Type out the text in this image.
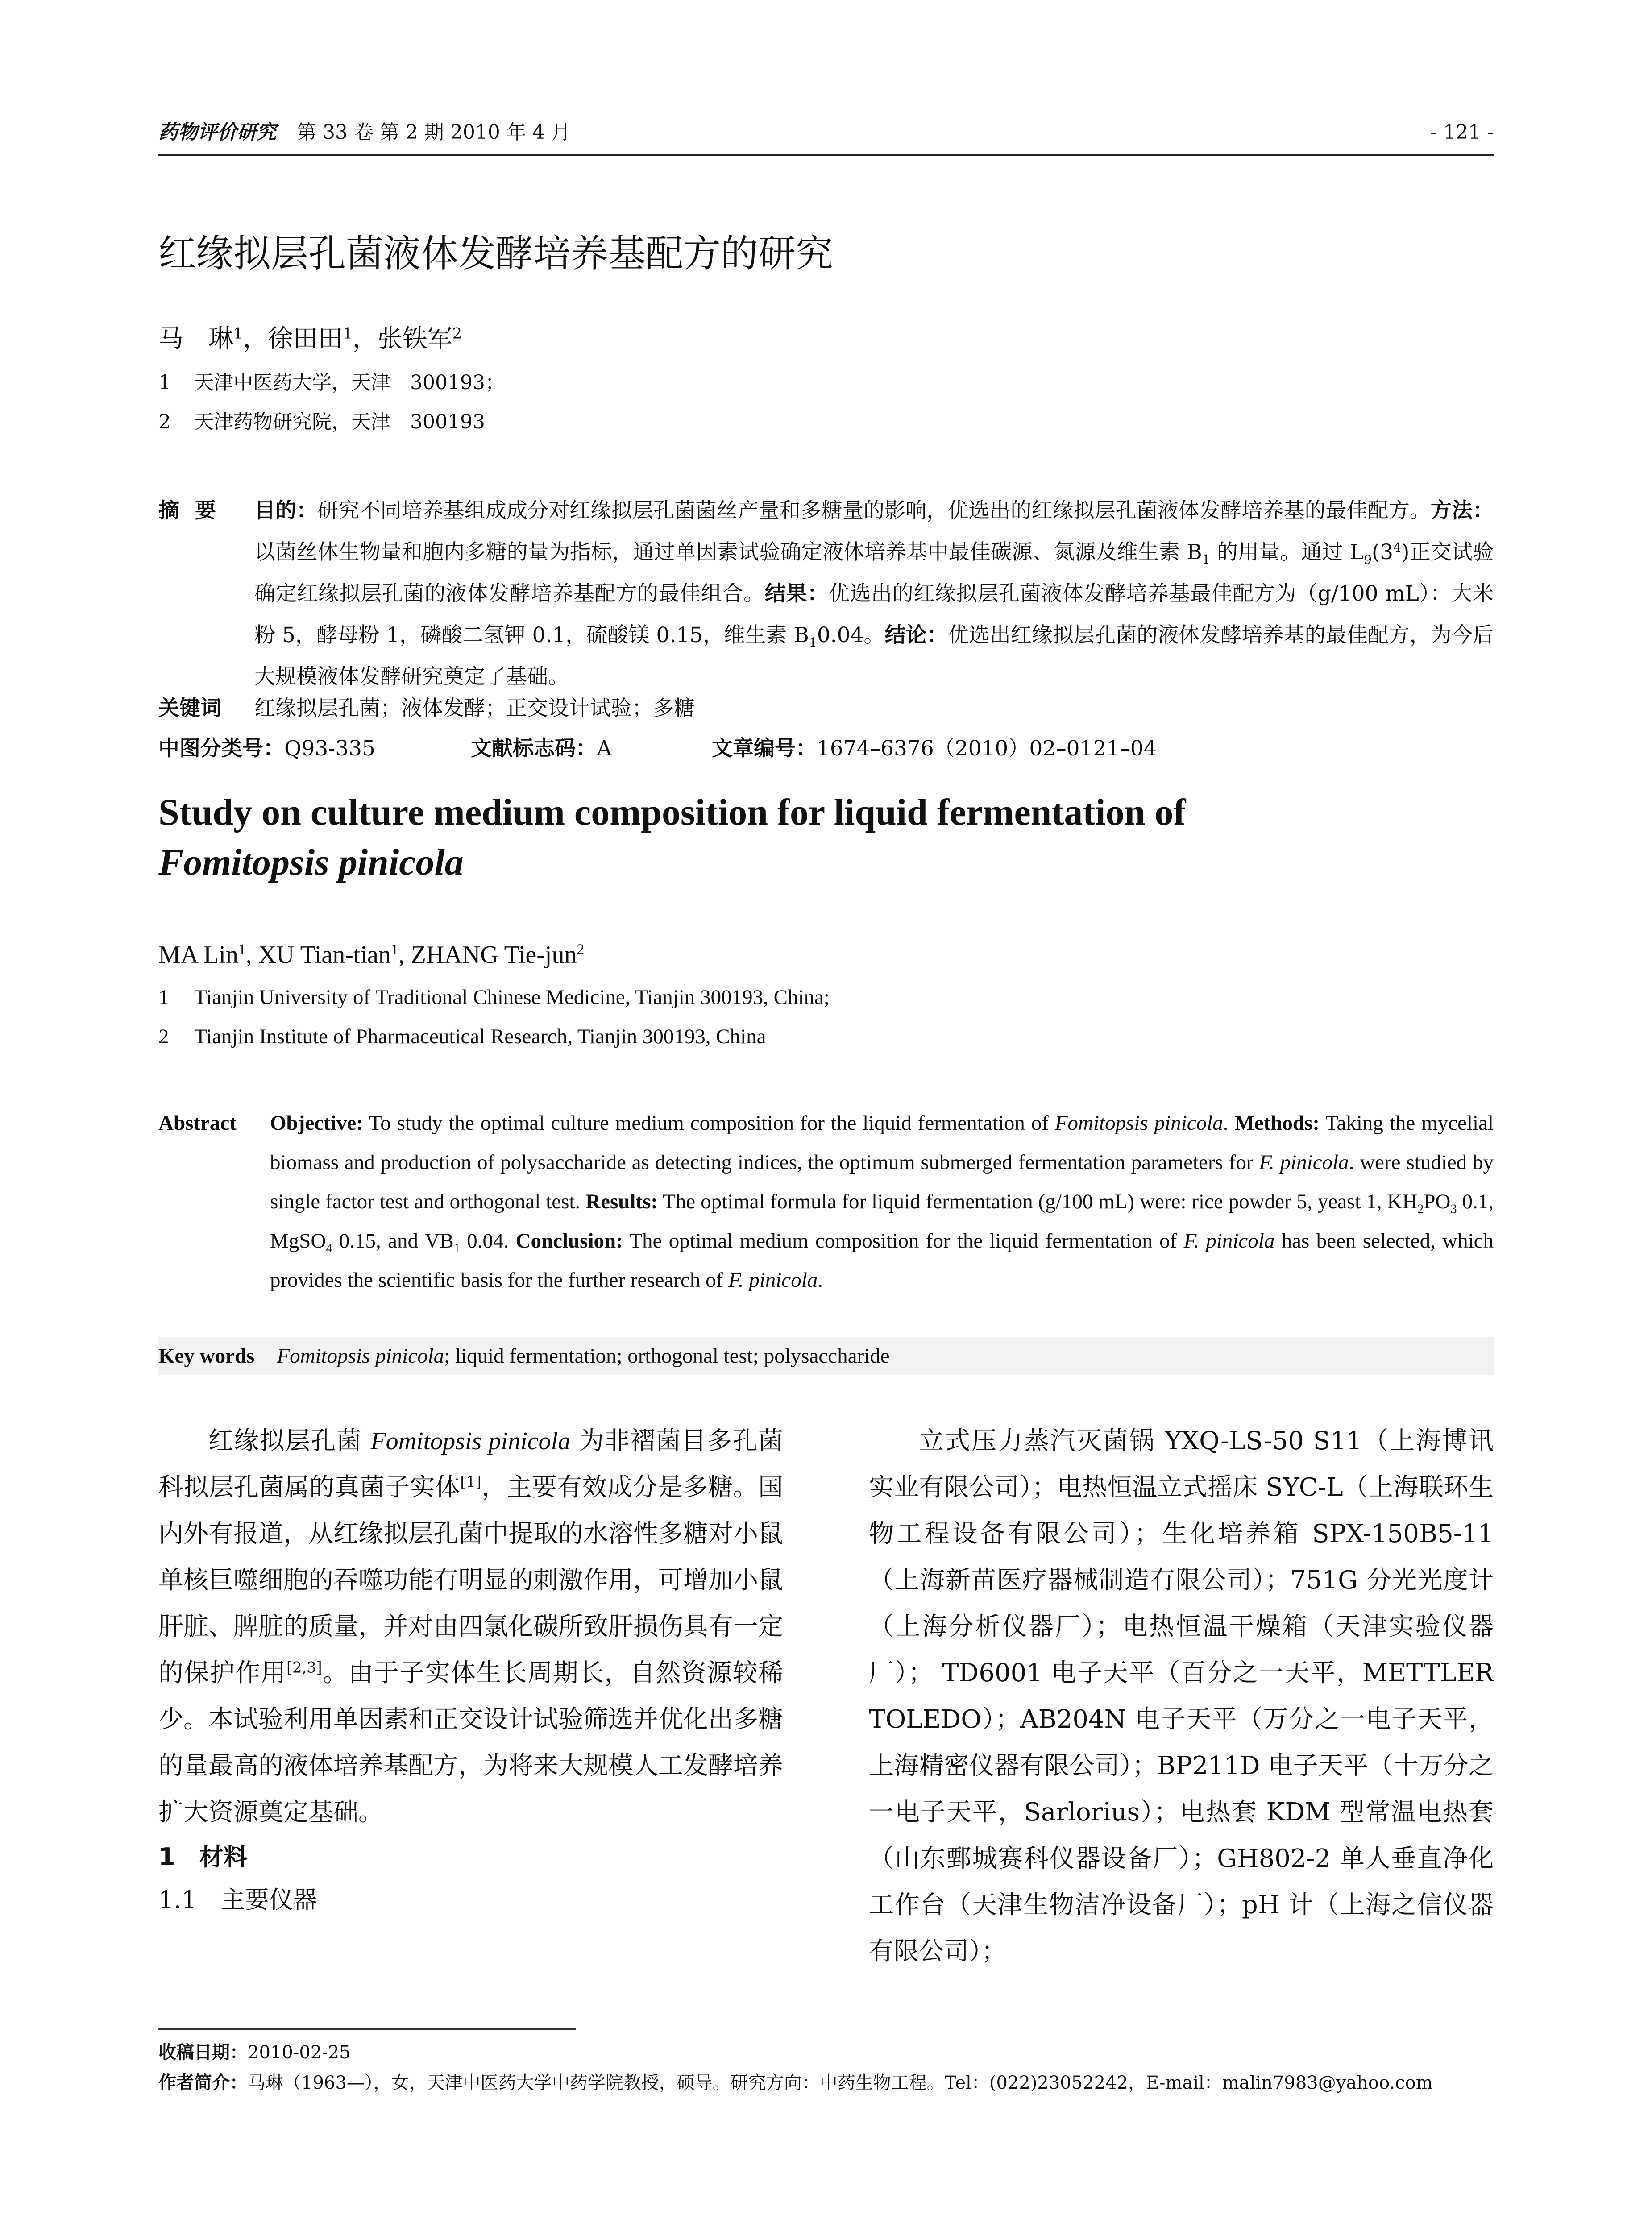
药物评价研究 第 33 卷 第 2 期 2010 年 4 月	- 121 -
红缘拟层孔菌液体发酵培养基配方的研究
马　琳$^1$，徐田田$^1$，张铁军$^2$
1 天津中医药大学，天津　300193；
2 天津药物研究院，天津　300193
摘要	目的：研究不同培养基组成成分对红缘拟层孔菌菌丝产量和多糖量的影响，优选出的红缘拟层孔菌液体发酵培养基的最佳配方。方法：以菌丝体生物量和胞内多糖的量为指标，通过单因素试验确定液体培养基中最佳碳源、氮源及维生素 $B_1$ 的用量。通过 $L_9(3^4)$正交试验确定红缘拟层孔菌的液体发酵培养基配方的最佳组合。结果：优选出的红缘拟层孔菌液体发酵培养基最佳配方为（g/100 mL）：大米粉 5，酵母粉 1，磷酸二氢钾 0.1，硫酸镁 0.15，维生素 $B_10.04$。结论：优选出红缘拟层孔菌的液体发酵培养基的最佳配方，为今后大规模液体发酵研究奠定了基础。
关键词 红缘拟层孔菌；液体发酵；正交设计试验；多糖
中图分类号： Q93-335	文献标志码： A	文章编号： 1674–6376（2010）02–0121–04
Study on culture medium composition for liquid fermentation of
Fomitopsis pinicola
MA Lin$^1$, XU Tian-tian$^1$, ZHANG Tie-jun$^2$
1 Tianjin University of Traditional Chinese Medicine, Tianjin 300193, China;
2 Tianjin Institute of Pharmaceutical Research, Tianjin 300193, China
Abstract Objective: To study the optimal culture medium composition for the liquid fermentation of Fomitopsis pinicola. Methods: Taking the mycelial biomass and production of polysaccharide as detecting indices, the optimum submerged fermentation parameters for F. pinicola. were studied by single factor test and orthogonal test. Results: The optimal formula for liquid fermentation (g/100 mL) were: rice powder 5, yeast 1, $KH_2PO_3$ 0.1, MgSO$_4$ 0.15, and $VB_1$ 0.04. Conclusion: The optimal medium composition for the liquid fermentation of F. pinicola has been selected, which provides the scientific basis for the further research of F. pinicola.
Key words Fomitopsis pinicola; liquid fermentation; orthogonal test; polysaccharide

红缘拟层孔菌 Fomitopsis pinicola 为非褶菌目多孔菌科拟层孔菌属的真菌子实体[1]，主要有效成分是多糖。国内外有报道，从红缘拟层孔菌中提取的水溶性多糖对小鼠单核巨噬细胞的吞噬功能有明显的刺激作用，可增加小鼠肝脏、脾脏的质量，并对由四氯化碳所致肝损伤具有一定的保护作用[2,3]。由于子实体生长周期长，自然资源较稀少。本试验利用单因素和正交设计试验筛选并优化出多糖的量最高的液体培养基配方，为将来大规模人工发酵培养扩大资源奠定基础。

1　材料
1.1　主要仪器

立式压力蒸汽灭菌锅 YXQ-LS-50 S11（上海博讯实业有限公司）；电热恒温立式摇床 SYC-L（上海联环生物工程设备有限公司）；生化培养箱 SPX-150B5-11（上海新苗医疗器械制造有限公司）；751G 分光光度计（上海分析仪器厂）；电热恒温干燥箱（天津实验仪器厂）； TD6001 电子天平（百分之一天平，METTLER TOLEDO）；AB204N 电子天平（万分之一电子天平，上海精密仪器有限公司）；BP211D 电子天平（十万分之一电子天平，Sarlorius）；电热套 KDM 型常温电热套（山东鄄城赛科仪器设备厂）；GH802-2 单人垂直净化工作台（天津生物洁净设备厂）；pH 计（上海之信仪器有限公司）；

收稿日期：2010-02-25
作者简介：马琳（1963—），女，天津中医药大学中药学院教授，硕导。研究方向：中药生物工程。Tel：(022)23052242，E-mail：malin7983@yahoo.com
